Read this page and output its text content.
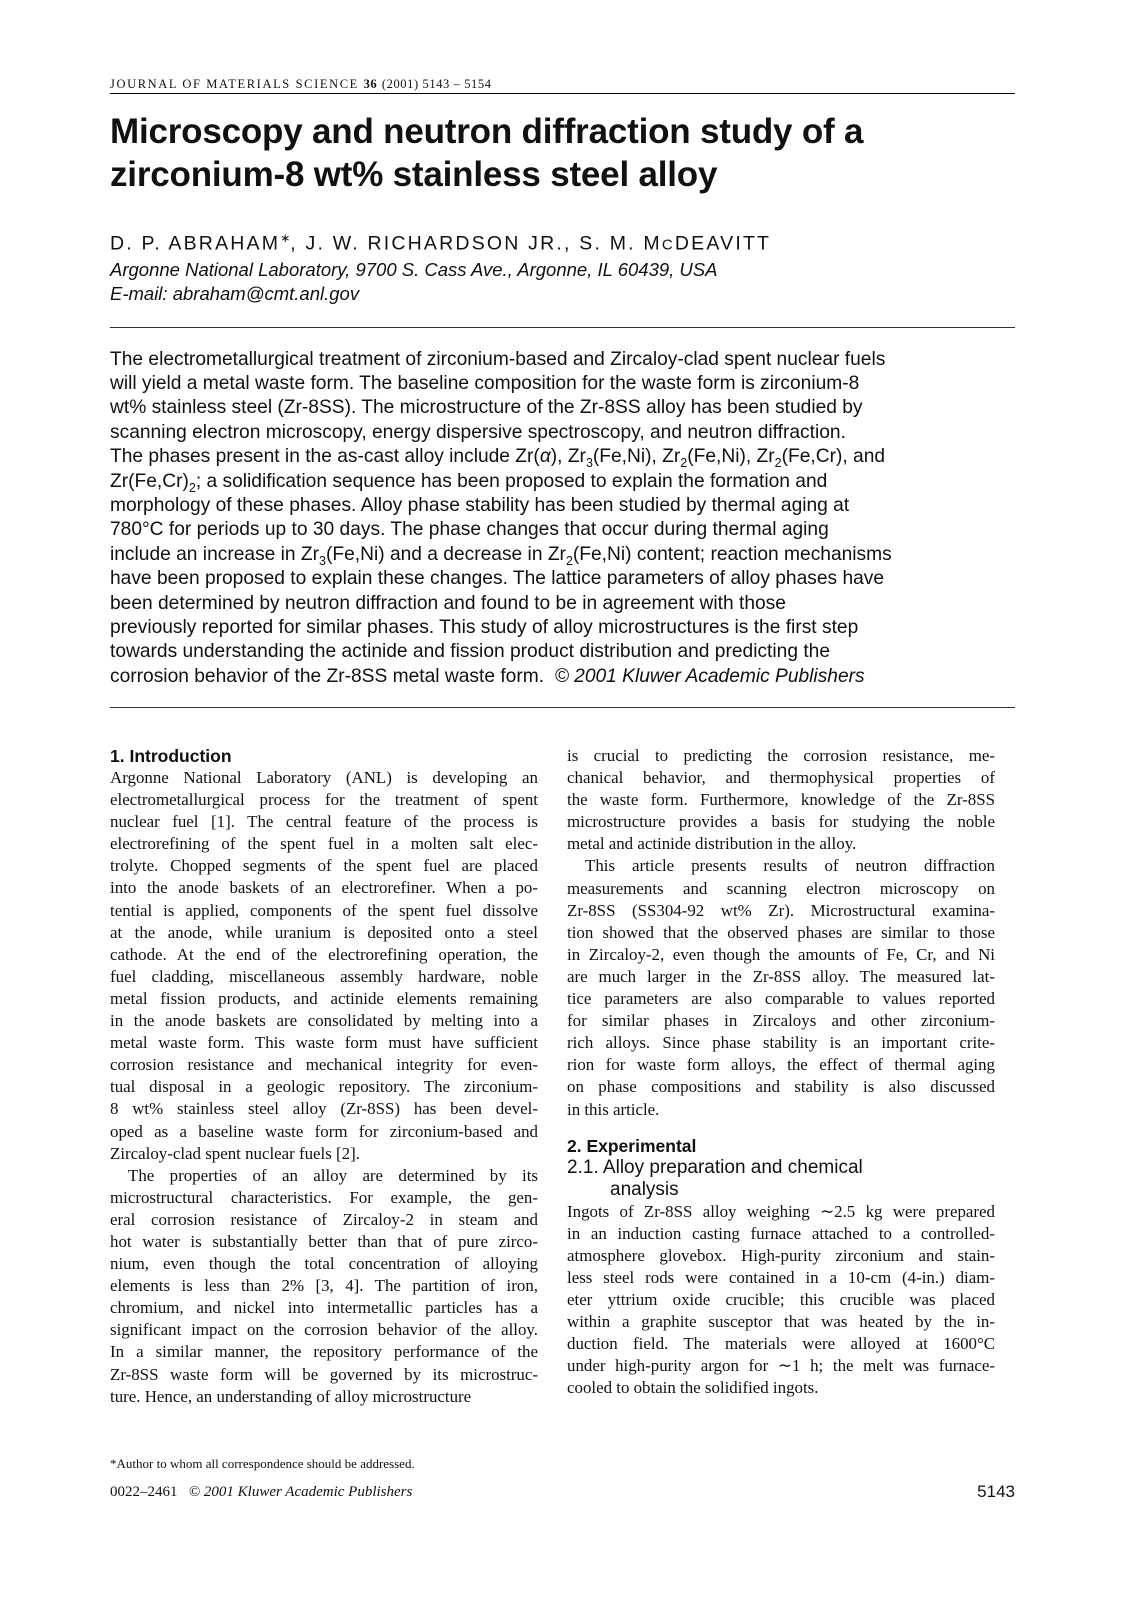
JOURNAL OF MATERIALS SCIENCE 36 (2001) 5143 – 5154
Microscopy and neutron diffraction study of a
zirconium-8 wt% stainless steel alloy
D. P. ABRAHAM∗, J. W. RICHARDSON JR., S. M. MCDEAVITT
Argonne National Laboratory, 9700 S. Cass Ave., Argonne, IL 60439, USA
E-mail: abraham@cmt.anl.gov
The electrometallurgical treatment of zirconium-based and Zircaloy-clad spent nuclear fuels
will yield a metal waste form. The baseline composition for the waste form is zirconium-8
wt% stainless steel (Zr-8SS). The microstructure of the Zr-8SS alloy has been studied by
scanning electron microscopy, energy dispersive spectroscopy, and neutron diffraction.
The phases present in the as-cast alloy include Zr(α), $Zr_3(Fe,Ni)$, $Zr_2(Fe,Ni)$, $Zr_2(Fe,Cr)$, and
$Zr(Fe,Cr)_2$; a solidification sequence has been proposed to explain the formation and
morphology of these phases. Alloy phase stability has been studied by thermal aging at
780°C for periods up to 30 days. The phase changes that occur during thermal aging
include an increase in $Zr_3(Fe,Ni)$ and a decrease in $Zr_2(Fe,Ni)$ content; reaction mechanisms
have been proposed to explain these changes. The lattice parameters of alloy phases have
been determined by neutron diffraction and found to be in agreement with those
previously reported for similar phases. This study of alloy microstructures is the first step
towards understanding the actinide and fission product distribution and predicting the
corrosion behavior of the Zr-8SS metal waste form. © 2001 Kluwer Academic Publishers
1. Introduction
Argonne National Laboratory (ANL) is developing an
electrometallurgical process for the treatment of spent
nuclear fuel [1]. The central feature of the process is
electrorefining of the spent fuel in a molten salt elec-
trolyte. Chopped segments of the spent fuel are placed
into the anode baskets of an electrorefiner. When a po-
tential is applied, components of the spent fuel dissolve
at the anode, while uranium is deposited onto a steel
cathode. At the end of the electrorefining operation, the
fuel cladding, miscellaneous assembly hardware, noble
metal fission products, and actinide elements remaining
in the anode baskets are consolidated by melting into a
metal waste form. This waste form must have sufficient
corrosion resistance and mechanical integrity for even-
tual disposal in a geologic repository. The zirconium-
8 wt% stainless steel alloy (Zr-8SS) has been devel-
oped as a baseline waste form for zirconium-based and
Zircaloy-clad spent nuclear fuels [2].
The properties of an alloy are determined by its
microstructural characteristics. For example, the gen-
eral corrosion resistance of Zircaloy-2 in steam and
hot water is substantially better than that of pure zirco-
nium, even though the total concentration of alloying
elements is less than 2% [3, 4]. The partition of iron,
chromium, and nickel into intermetallic particles has a
significant impact on the corrosion behavior of the alloy.
In a similar manner, the repository performance of the
Zr-8SS waste form will be governed by its microstruc-
ture. Hence, an understanding of alloy microstructure
is crucial to predicting the corrosion resistance, me-
chanical behavior, and thermophysical properties of
the waste form. Furthermore, knowledge of the Zr-8SS
microstructure provides a basis for studying the noble
metal and actinide distribution in the alloy.
This article presents results of neutron diffraction
measurements and scanning electron microscopy on
Zr-8SS (SS304-92 wt% Zr). Microstructural examina-
tion showed that the observed phases are similar to those
in Zircaloy-2, even though the amounts of Fe, Cr, and Ni
are much larger in the Zr-8SS alloy. The measured lat-
tice parameters are also comparable to values reported
for similar phases in Zircaloys and other zirconium-
rich alloys. Since phase stability is an important crite-
rion for waste form alloys, the effect of thermal aging
on phase compositions and stability is also discussed
in this article.
2. Experimental
2.1. Alloy preparation and chemical
analysis
Ingots of Zr-8SS alloy weighing ∼2.5 kg were prepared
in an induction casting furnace attached to a controlled-
atmosphere glovebox. High-purity zirconium and stain-
less steel rods were contained in a 10-cm (4-in.) diam-
eter yttrium oxide crucible; this crucible was placed
within a graphite susceptor that was heated by the in-
duction field. The materials were alloyed at 1600°C
under high-purity argon for ∼1 h; the melt was furnace-
cooled to obtain the solidified ingots.
*Author to whom all correspondence should be addressed.
0022–2461 © 2001 Kluwer Academic Publishers	5143
